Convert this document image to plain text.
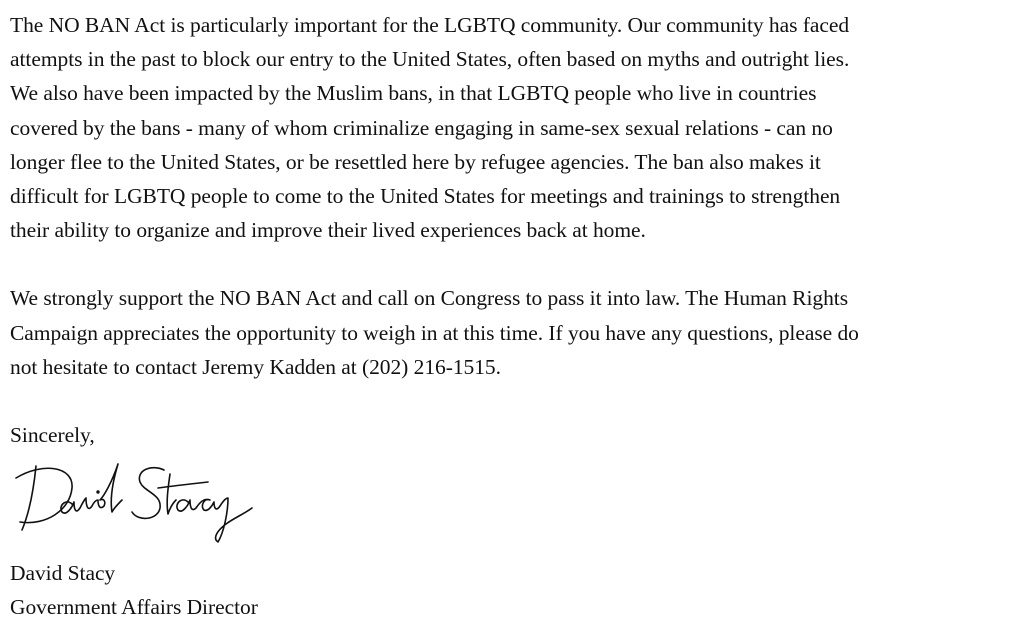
The NO BAN Act is particularly important for the LGBTQ community. Our community has faced
attempts in the past to block our entry to the United States, often based on myths and outright lies.
We also have been impacted by the Muslim bans, in that LGBTQ people who live in countries
covered by the bans - many of whom criminalize engaging in same-sex sexual relations - can no
longer flee to the United States, or be resettled here by refugee agencies. The ban also makes it
difficult for LGBTQ people to come to the United States for meetings and trainings to strengthen
their ability to organize and improve their lived experiences back at home.

We strongly support the NO BAN Act and call on Congress to pass it into law. The Human Rights
Campaign appreciates the opportunity to weigh in at this time. If you have any questions, please do
not hesitate to contact Jeremy Kadden at (202) 216-1515.

Sincerely,

David Stacy
Government Affairs Director
